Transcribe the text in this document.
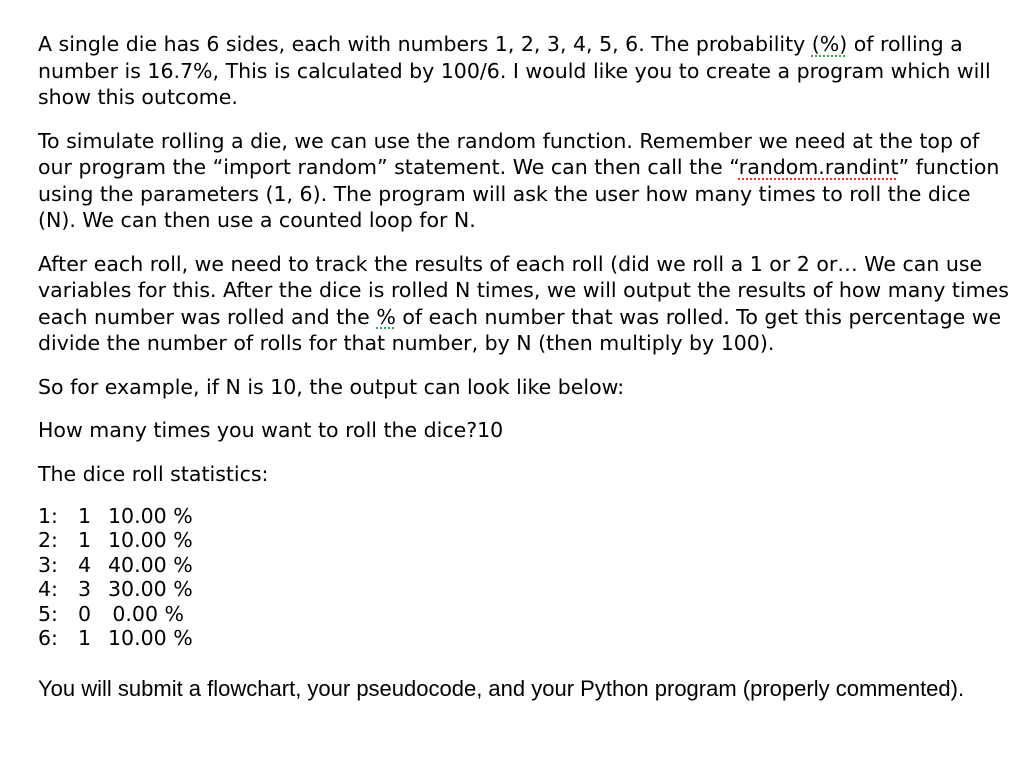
A single die has 6 sides, each with numbers 1, 2, 3, 4, 5, 6. The probability (%) of rolling a number is 16.7%, This is calculated by 100/6. I would like you to create a program which will show this outcome.

To simulate rolling a die, we can use the random function. Remember we need at the top of our program the “import random” statement. We can then call the “random.randint” function using the parameters (1, 6). The program will ask the user how many times to roll the dice (N). We can then use a counted loop for N.

After each roll, we need to track the results of each roll (did we roll a 1 or 2 or… We can use variables for this. After the dice is rolled N times, we will output the results of how many times each number was rolled and the % of each number that was rolled. To get this percentage we divide the number of rolls for that number, by N (then multiply by 100).

So for example, if N is 10, the output can look like below:

How many times you want to roll the dice?10

The dice roll statistics:

1: 1 10.00 %
2: 1 10.00 %
3: 4 40.00 %
4: 3 30.00 %
5: 0	0.00 %
6: 1 10.00 %

You will submit a flowchart, your pseudocode, and your Python program (properly commented).
